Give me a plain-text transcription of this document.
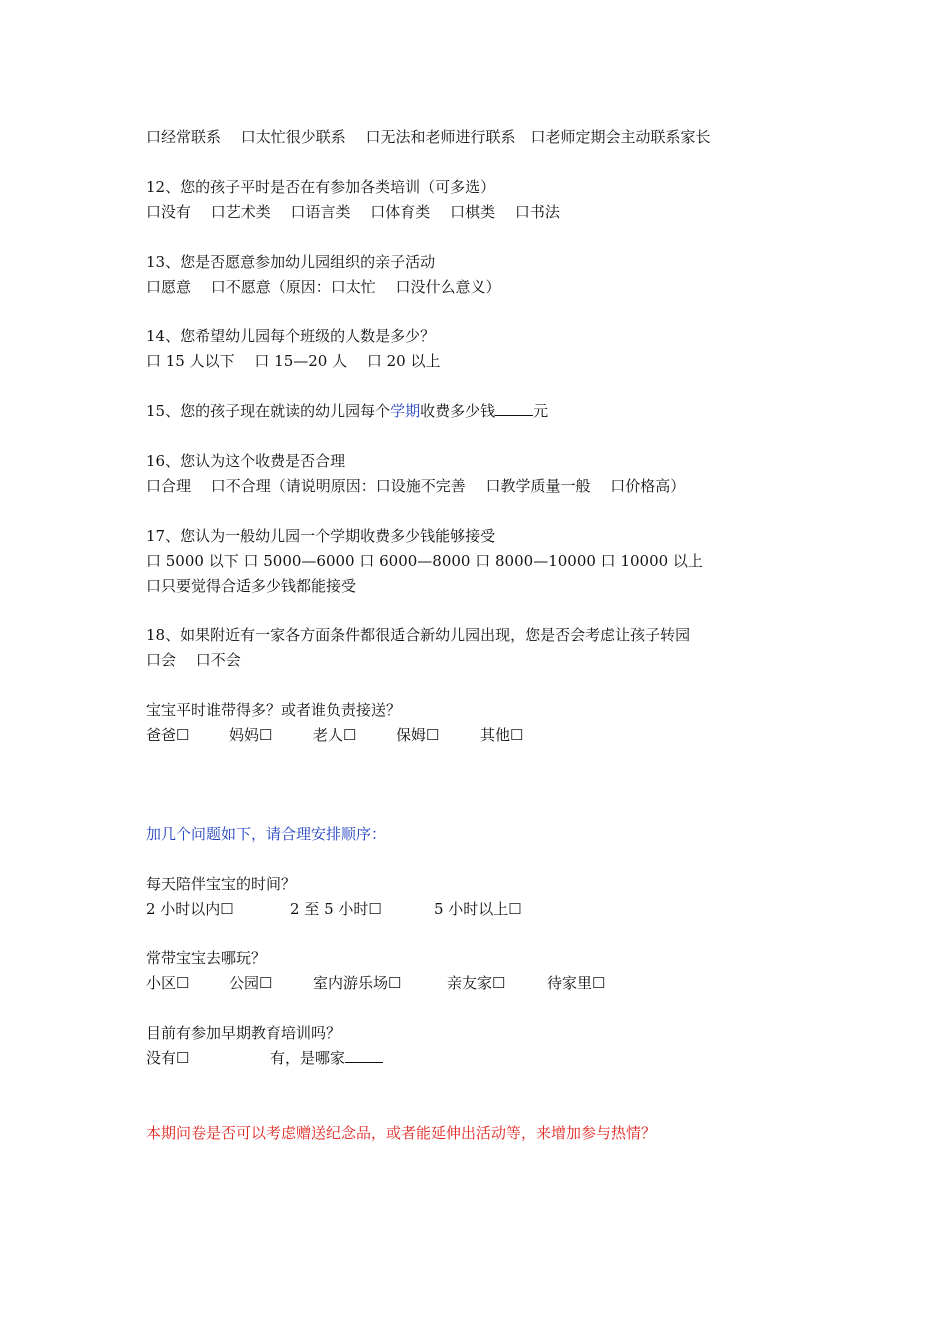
口经常联系　 口太忙很少联系　 口无法和老师进行联系　口老师定期会主动联系家长
12、您的孩子平时是否在有参加各类培训（可多选）
口没有　 口艺术类　 口语言类　 口体育类　 口棋类　 口书法
13、您是否愿意参加幼儿园组织的亲子活动
口愿意　 口不愿意（原因：口太忙　 口没什么意义）
14、您希望幼儿园每个班级的人数是多少？
口 15 人以下　 口 15—20 人　 口 20 以上
15、您的孩子现在就读的幼儿园每个学期收费多少钱	元
16、您认为这个收费是否合理
口合理　 口不合理（请说明原因：口设施不完善　 口教学质量一般　 口价格高）
17、您认为一般幼儿园一个学期收费多少钱能够接受
口 5000 以下 口 5000—6000 口 6000—8000 口 8000—10000 口 10000 以上
口只要觉得合适多少钱都能接受
18、如果附近有一家各方面条件都很适合新幼儿园出现，您是否会考虑让孩子转园
口会　 口不会
宝宝平时谁带得多？或者谁负责接送？
爸爸☐	妈妈☐	老人☐	保姆☐	其他☐
加几个问题如下，请合理安排顺序：
每天陪伴宝宝的时间？
2 小时以内☐	2 至 5 小时☐	5 小时以上☐
常带宝宝去哪玩？
小区☐	公园☐	室内游乐场☐	亲友家☐	待家里☐
目前有参加早期教育培训吗？
没有☐	有，是哪家
本期问卷是否可以考虑赠送纪念品，或者能延伸出活动等，来增加参与热情？
